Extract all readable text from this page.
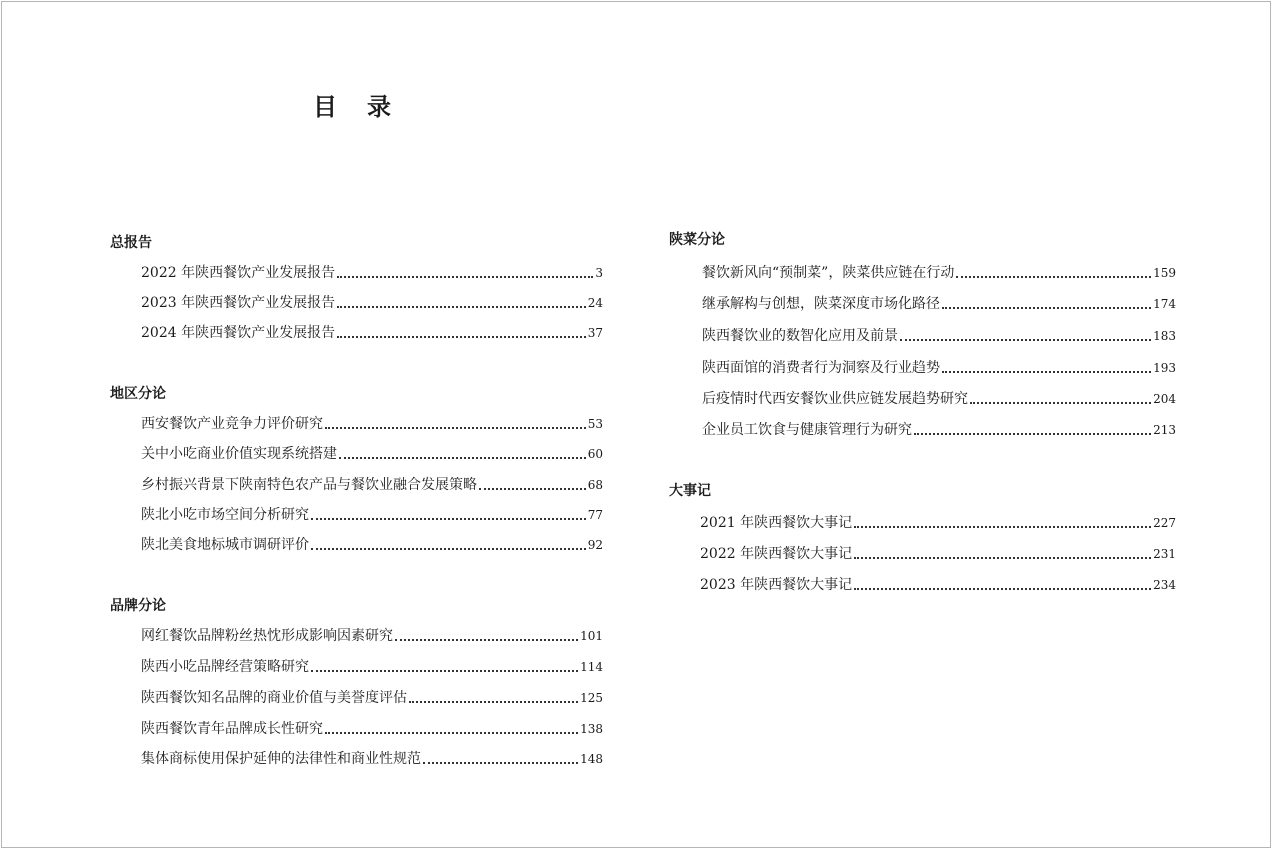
目录
总报告
2022 年陕西餐饮产业发展报告	3
2023 年陕西餐饮产业发展报告	24
2024 年陕西餐饮产业发展报告	37
地区分论
西安餐饮产业竞争力评价研究	53
关中小吃商业价值实现系统搭建	60
乡村振兴背景下陕南特色农产品与餐饮业融合发展策略	68
陕北小吃市场空间分析研究	77
陕北美食地标城市调研评价	92
品牌分论
网红餐饮品牌粉丝热忱形成影响因素研究	101
陕西小吃品牌经营策略研究	114
陕西餐饮知名品牌的商业价值与美誉度评估	125
陕西餐饮青年品牌成长性研究	138
集体商标使用保护延伸的法律性和商业性规范	148
陕菜分论
餐饮新风向“预制菜”，陕菜供应链在行动	159
继承解构与创想，陕菜深度市场化路径	174
陕西餐饮业的数智化应用及前景	183
陕西面馆的消费者行为洞察及行业趋势	193
后疫情时代西安餐饮业供应链发展趋势研究	204
企业员工饮食与健康管理行为研究	213
大事记
2021 年陕西餐饮大事记	227
2022 年陕西餐饮大事记	231
2023 年陕西餐饮大事记	234
